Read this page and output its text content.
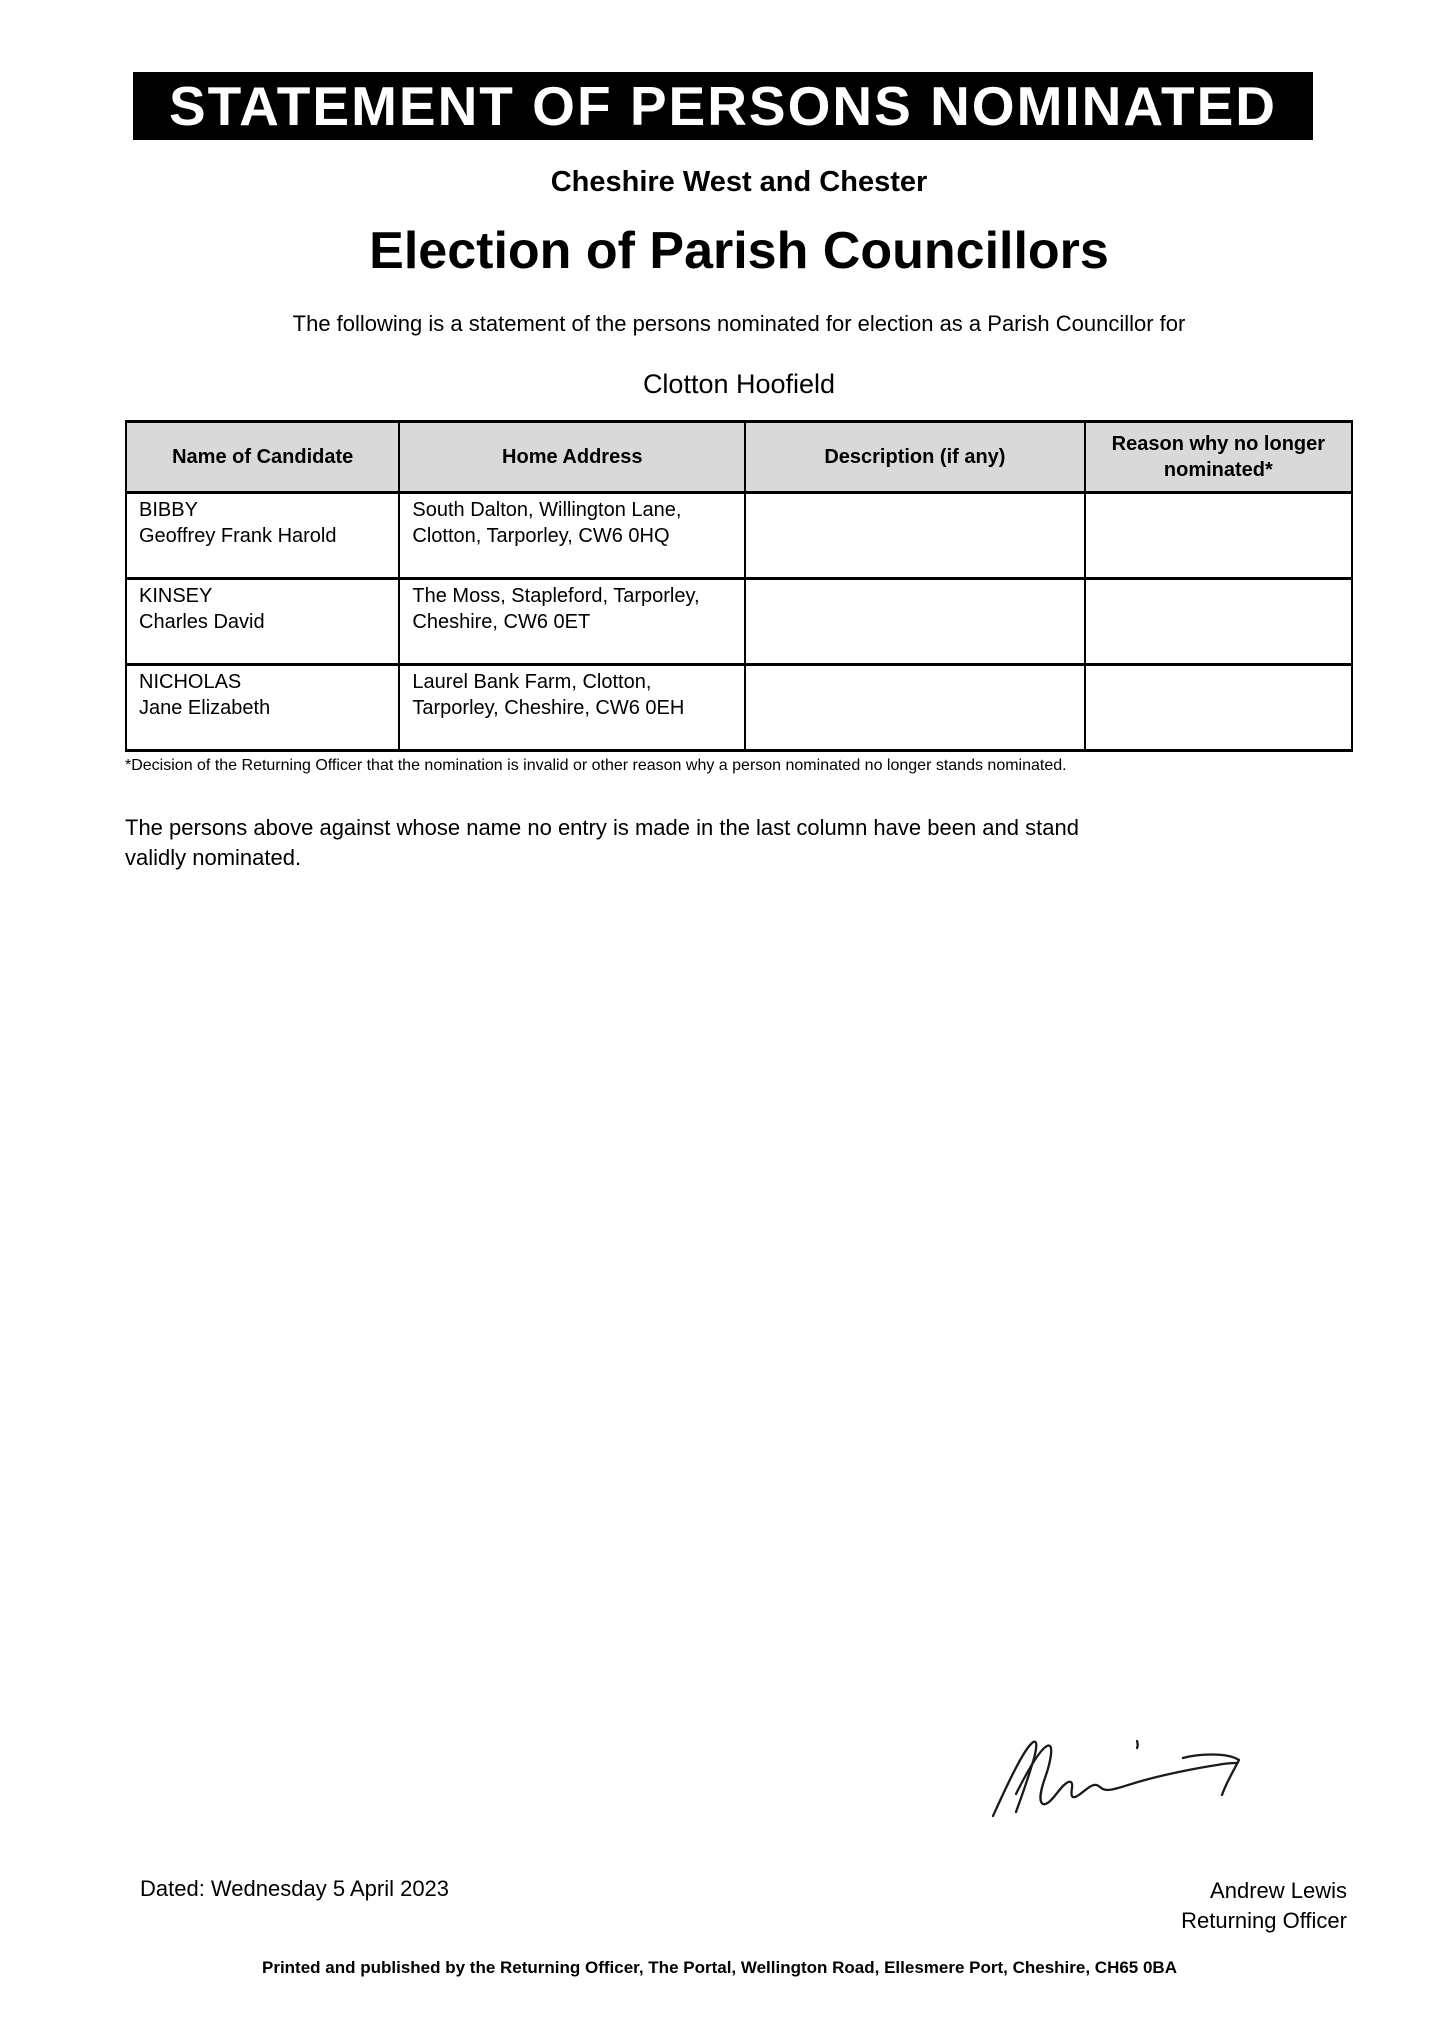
STATEMENT OF PERSONS NOMINATED
Cheshire West and Chester
Election of Parish Councillors
The following is a statement of the persons nominated for election as a Parish Councillor for
Clotton Hoofield
Name of Candidate	Home Address	Description (if any)	Reason why no longer nominated*

BIBBY
Geoffrey Frank Harold	South Dalton, Willington Lane, Clotton, Tarporley, CW6 0HQ		

KINSEY
Charles David	The Moss, Stapleford, Tarporley, Cheshire, CW6 0ET		

NICHOLAS
Jane Elizabeth	Laurel Bank Farm, Clotton, Tarporley, Cheshire, CW6 0EH		
*Decision of the Returning Officer that the nomination is invalid or other reason why a person nominated no longer stands nominated.
The persons above against whose name no entry is made in the last column have been and stand validly nominated.
Dated: Wednesday 5 April 2023	Andrew Lewis
Returning Officer
Printed and published by the Returning Officer, The Portal, Wellington Road, Ellesmere Port, Cheshire, CH65 0BA
